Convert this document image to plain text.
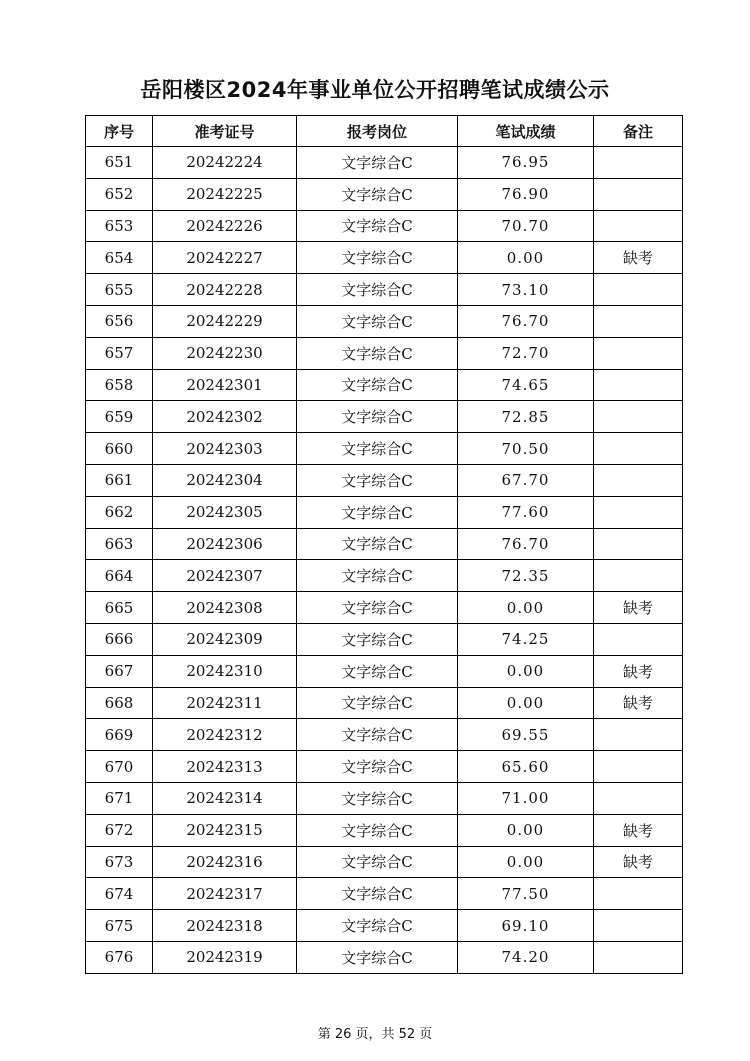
岳阳楼区2024年事业单位公开招聘笔试成绩公示
序号	准考证号	报考岗位	笔试成绩	备注
651	20242224	文字综合C	76.95	
652	20242225	文字综合C	76.90	
653	20242226	文字综合C	70.70	
654	20242227	文字综合C	0.00	缺考
655	20242228	文字综合C	73.10	
656	20242229	文字综合C	76.70	
657	20242230	文字综合C	72.70	
658	20242301	文字综合C	74.65	
659	20242302	文字综合C	72.85	
660	20242303	文字综合C	70.50	
661	20242304	文字综合C	67.70	
662	20242305	文字综合C	77.60	
663	20242306	文字综合C	76.70	
664	20242307	文字综合C	72.35	
665	20242308	文字综合C	0.00	缺考
666	20242309	文字综合C	74.25	
667	20242310	文字综合C	0.00	缺考
668	20242311	文字综合C	0.00	缺考
669	20242312	文字综合C	69.55	
670	20242313	文字综合C	65.60	
671	20242314	文字综合C	71.00	
672	20242315	文字综合C	0.00	缺考
673	20242316	文字综合C	0.00	缺考
674	20242317	文字综合C	77.50	
675	20242318	文字综合C	69.10	
676	20242319	文字综合C	74.20	
第 26 页，共 52 页
